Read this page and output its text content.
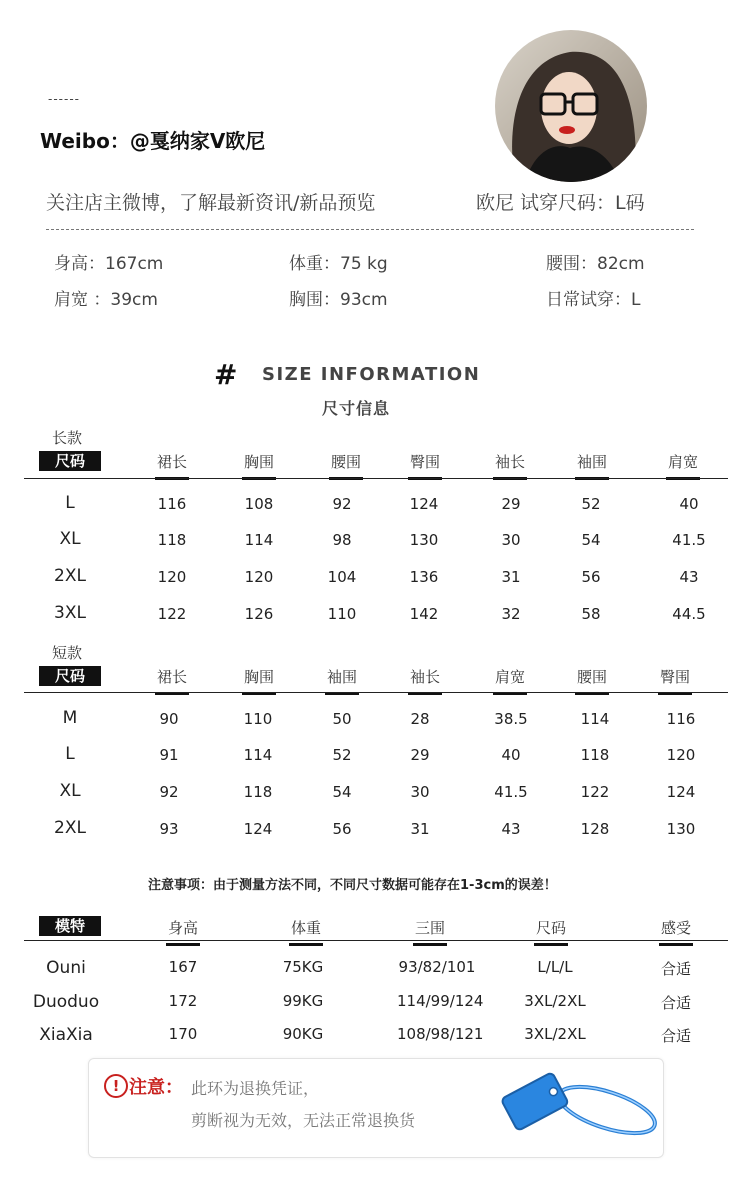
------
Weibo：@戛纳家V欧尼
关注店主微博，了解最新资讯/新品预览	欧尼 试穿尺码：L码
身高：167cm	体重：75 kg	腰围：82cm
肩宽 ：39cm	胸围：93cm	日常试穿：L
# SIZE INFORMATION
尺寸信息
长款
尺码	裙长	胸围	腰围	臀围	袖长	袖围	肩宽
L	116	108	92	124	29	52	40
XL	118	114	98	130	30	54	41.5
2XL	120	120	104	136	31	56	43
3XL	122	126	110	142	32	58	44.5
短款
尺码	裙长	胸围	袖围	袖长	肩宽	腰围	臀围
M	90	110	50	28	38.5	114	116
L	91	114	52	29	40	118	120
XL	92	118	54	30	41.5	122	124
2XL	93	124	56	31	43	128	130
注意事项：由于测量方法不同，不同尺寸数据可能存在1-3cm的误差！
模特	身高	体重	三围	尺码	感受
Ouni	167	75KG	93/82/101	L/L/L	合适
Duoduo	172	99KG	114/99/124	3XL/2XL	合适
XiaXia	170	90KG	108/98/121	3XL/2XL	合适
! 注意： 此环为退换凭证，
剪断视为无效，无法正常退换货
